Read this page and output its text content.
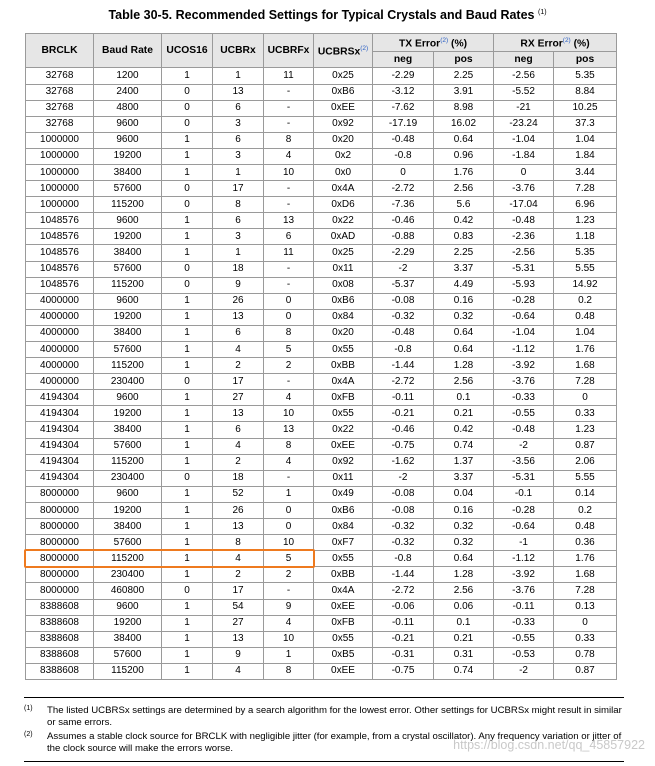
Table 30-5. Recommended Settings for Typical Crystals and Baud Rates $^{(1)}$
BRCLK	Baud Rate	UCOS16	UCBRx	UCBRFx	UCBRSx$^{(2)}$	TX Error$^{(2)}$ (%)		RX Error$^{(2)}$ (%)	
						neg	pos	neg	pos
32768	1200	1	1	11	0x25	-2.29	2.25	-2.56	5.35
32768	2400	0	13	-	0xB6	-3.12	3.91	-5.52	8.84
32768	4800	0	6	-	0xEE	-7.62	8.98	-21	10.25
32768	9600	0	3	-	0x92	-17.19	16.02	-23.24	37.3
1000000	9600	1	6	8	0x20	-0.48	0.64	-1.04	1.04
1000000	19200	1	3	4	0x2	-0.8	0.96	-1.84	1.84
1000000	38400	1	1	10	0x0	0	1.76	0	3.44
1000000	57600	0	17	-	0x4A	-2.72	2.56	-3.76	7.28
1000000	115200	0	8	-	0xD6	-7.36	5.6	-17.04	6.96
1048576	9600	1	6	13	0x22	-0.46	0.42	-0.48	1.23
1048576	19200	1	3	6	0xAD	-0.88	0.83	-2.36	1.18
1048576	38400	1	1	11	0x25	-2.29	2.25	-2.56	5.35
1048576	57600	0	18	-	0x11	-2	3.37	-5.31	5.55
1048576	115200	0	9	-	0x08	-5.37	4.49	-5.93	14.92
4000000	9600	1	26	0	0xB6	-0.08	0.16	-0.28	0.2
4000000	19200	1	13	0	0x84	-0.32	0.32	-0.64	0.48
4000000	38400	1	6	8	0x20	-0.48	0.64	-1.04	1.04
4000000	57600	1	4	5	0x55	-0.8	0.64	-1.12	1.76
4000000	115200	1	2	2	0xBB	-1.44	1.28	-3.92	1.68
4000000	230400	0	17	-	0x4A	-2.72	2.56	-3.76	7.28
4194304	9600	1	27	4	0xFB	-0.11	0.1	-0.33	0
4194304	19200	1	13	10	0x55	-0.21	0.21	-0.55	0.33
4194304	38400	1	6	13	0x22	-0.46	0.42	-0.48	1.23
4194304	57600	1	4	8	0xEE	-0.75	0.74	-2	0.87
4194304	115200	1	2	4	0x92	-1.62	1.37	-3.56	2.06
4194304	230400	0	18	-	0x11	-2	3.37	-5.31	5.55
8000000	9600	1	52	1	0x49	-0.08	0.04	-0.1	0.14
8000000	19200	1	26	0	0xB6	-0.08	0.16	-0.28	0.2
8000000	38400	1	13	0	0x84	-0.32	0.32	-0.64	0.48
8000000	57600	1	8	10	0xF7	-0.32	0.32	-1	0.36
8000000	115200	1	4	5	0x55	-0.8	0.64	-1.12	1.76
8000000	230400	1	2	2	0xBB	-1.44	1.28	-3.92	1.68
8000000	460800	0	17	-	0x4A	-2.72	2.56	-3.76	7.28
8388608	9600	1	54	9	0xEE	-0.06	0.06	-0.11	0.13
8388608	19200	1	27	4	0xFB	-0.11	0.1	-0.33	0
8388608	38400	1	13	10	0x55	-0.21	0.21	-0.55	0.33
8388608	57600	1	9	1	0xB5	-0.31	0.31	-0.53	0.78
8388608	115200	1	4	8	0xEE	-0.75	0.74	-2	0.87
(1) The listed UCBRSx settings are determined by a search algorithm for the lowest error. Other settings for UCBRSx might result in similar or same errors.
(2) Assumes a stable clock source for BRCLK with negligible jitter (for example, from a crystal oscillator). Any frequency variation or jitter of the clock source will make the errors worse.	https://blog.csdn.net/qq_45857922
